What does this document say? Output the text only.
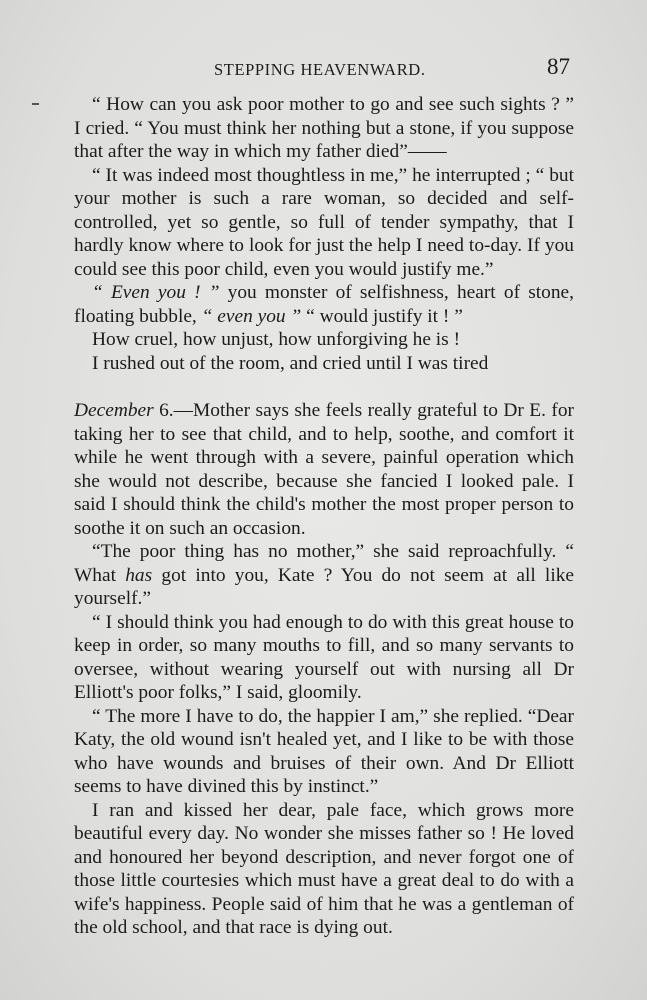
STEPPING HEAVENWARD.	87

“ How can you ask poor mother to go and see such sights ? ” I cried. “ You must think her nothing but a stone, if you suppose that after the way in which my father died”——

“ It was indeed most thoughtless in me,” he interrupted ; “ but your mother is such a rare woman, so decided and self-controlled, yet so gentle, so full of tender sympathy, that I hardly know where to look for just the help I need to-day. If you could see this poor child, even you would justify me.”

“ Even you ! ” you monster of selfishness, heart of stone, floating bubble, “ even you ” “ would justify it ! ”

How cruel, how unjust, how unforgiving he is !

I rushed out of the room, and cried until I was tired

December 6.—Mother says she feels really grateful to Dr E. for taking her to see that child, and to help, soothe, and comfort it while he went through with a severe, painful operation which she would not describe, because she fancied I looked pale. I said I should think the child's mother the most proper person to soothe it on such an occasion.

“The poor thing has no mother,” she said reproachfully. “ What has got into you, Kate ? You do not seem at all like yourself.”

“ I should think you had enough to do with this great house to keep in order, so many mouths to fill, and so many servants to oversee, without wearing yourself out with nursing all Dr Elliott's poor folks,” I said, gloomily.

“ The more I have to do, the happier I am,” she replied. “Dear Katy, the old wound isn't healed yet, and I like to be with those who have wounds and bruises of their own. And Dr Elliott seems to have divined this by instinct.”

I ran and kissed her dear, pale face, which grows more beautiful every day. No wonder she misses father so ! He loved and honoured her beyond description, and never forgot one of those little courtesies which must have a great deal to do with a wife's happiness. People said of him that he was a gentleman of the old school, and that race is dying out.
